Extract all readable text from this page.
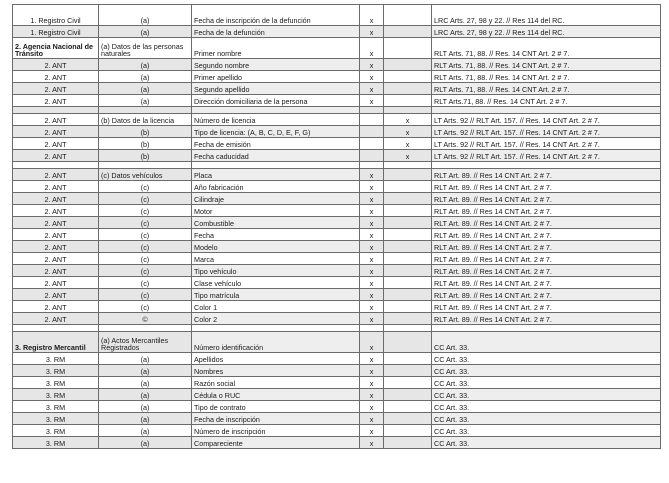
1. Registro Civil	(a)	Fecha de inscripción de la defunción	x		LRC Arts. 27, 98 y 22. // Res 114 del RC.
1. Registro Civil	(a)	Fecha de la defunción	x		LRC Arts. 27, 98 y 22. // Res 114 del RC.
2. Agencia Nacional de Tránsito	(a) Datos de las personas naturales	Primer nombre	x		RLT Arts. 71, 88. // Res. 14 CNT Art. 2 # 7.
2. ANT	(a)	Segundo nombre	x		RLT Arts. 71, 88. // Res. 14 CNT Art. 2 # 7.
2. ANT	(a)	Primer apellido	x		RLT Arts. 71, 88. // Res. 14 CNT Art. 2 # 7.
2. ANT	(a)	Segundo apellido	x		RLT Arts. 71, 88. // Res. 14 CNT Art. 2 # 7.
2. ANT	(a)	Dirección domiciliaria de la persona	x		RLT Arts.71, 88. // Res. 14 CNT Art. 2 # 7.

2. ANT	(b) Datos de la licencia	Número de licencia		x	LT Arts. 92 // RLT Art. 157. // Res. 14 CNT Art. 2 # 7.
2. ANT	(b)	Tipo de licencia: (A, B, C, D, E, F, G)		x	LT Arts. 92 // RLT Art. 157. // Res. 14 CNT Art. 2 # 7.
2. ANT	(b)	Fecha de emisión		x	LT Arts. 92 // RLT Art. 157. // Res. 14 CNT Art. 2 # 7.
2. ANT	(b)	Fecha caducidad		x	LT Arts. 92 // RLT Art. 157. // Res. 14 CNT Art. 2 # 7.

2. ANT	(c) Datos vehículos	Placa	x		RLT Art. 89. // Res 14 CNT Art. 2 # 7.
2. ANT	(c)	Año fabricación	x		RLT Art. 89. // Res 14 CNT Art. 2 # 7.
2. ANT	(c)	Cilindraje	x		RLT Art. 89. // Res 14 CNT Art. 2 # 7.
2. ANT	(c)	Motor	x		RLT Art. 89. // Res 14 CNT Art. 2 # 7.
2. ANT	(c)	Combustible	x		RLT Art. 89. // Res 14 CNT Art. 2 # 7.
2. ANT	(c)	Fecha	x		RLT Art. 89. // Res 14 CNT Art. 2 # 7.
2. ANT	(c)	Modelo	x		RLT Art. 89. // Res 14 CNT Art. 2 # 7.
2. ANT	(c)	Marca	x		RLT Art. 89. // Res 14 CNT Art. 2 # 7.
2. ANT	(c)	Tipo vehículo	x		RLT Art. 89. // Res 14 CNT Art. 2 # 7.
2. ANT	(c)	Clase vehículo	x		RLT Art. 89. // Res 14 CNT Art. 2 # 7.
2. ANT	(c)	Tipo matrícula	x		RLT Art. 89. // Res 14 CNT Art. 2 # 7.
2. ANT	(c)	Color 1	x		RLT Art. 89. // Res 14 CNT Art. 2 # 7.
2. ANT	©	Color 2	x		RLT Art. 89. // Res 14 CNT Art. 2 # 7.

3. Registro Mercantil	(a) Actos Mercantiles Registrados	Número identificación	x		CC Art. 33.
3. RM	(a)	Apellidos	x		CC Art. 33.
3. RM	(a)	Nombres	x		CC Art. 33.
3. RM	(a)	Razón social	x		CC Art. 33.
3. RM	(a)	Cédula o RUC	x		CC Art. 33.
3. RM	(a)	Tipo de contrato	x		CC Art. 33.
3. RM	(a)	Fecha de inscripción	x		CC Art. 33.
3. RM	(a)	Número de inscripción	x		CC Art. 33.
3. RM	(a)	Compareciente	x		CC Art. 33.
